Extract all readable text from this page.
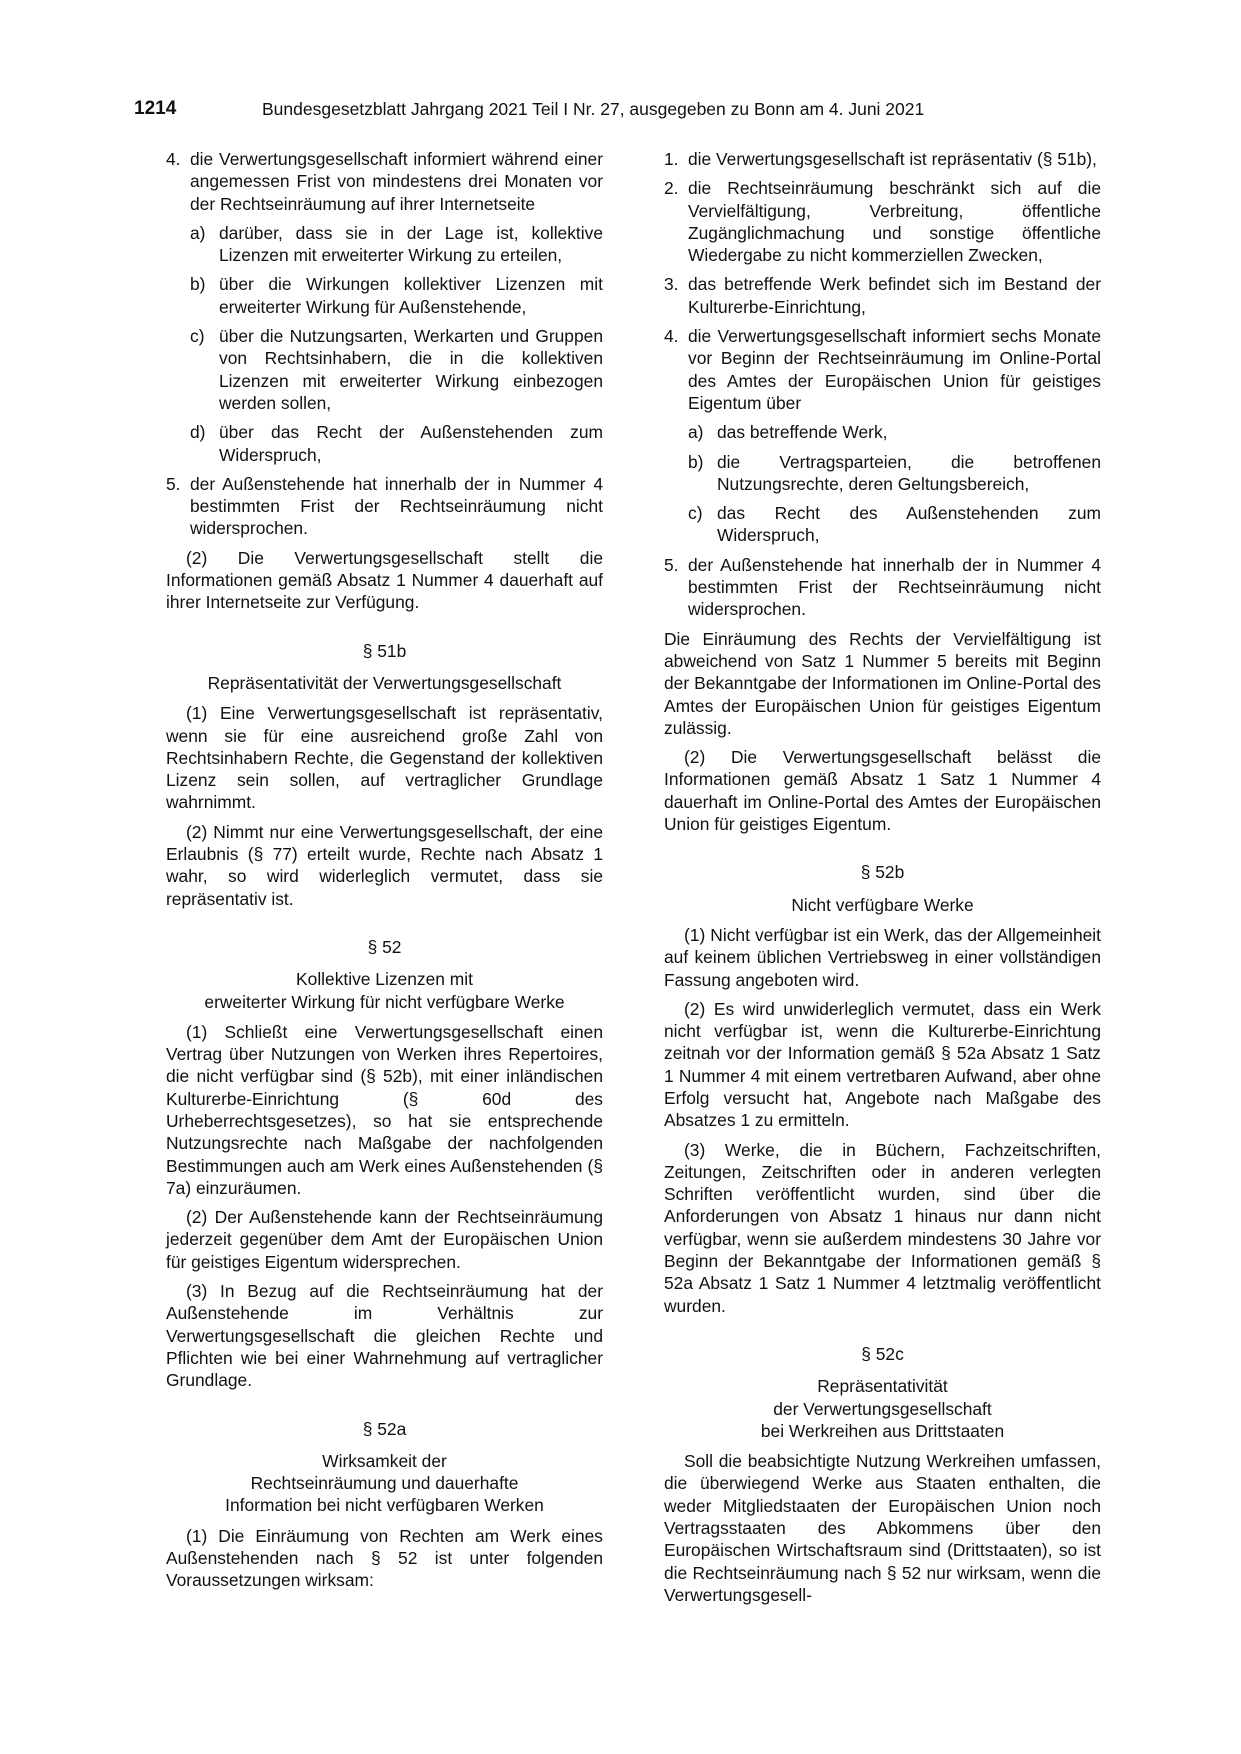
1214	Bundesgesetzblatt Jahrgang 2021 Teil I Nr. 27, ausgegeben zu Bonn am 4. Juni 2021
4. die Verwertungsgesellschaft informiert während einer angemessen Frist von mindestens drei Monaten vor der Rechtseinräumung auf ihrer Internetseite
a) darüber, dass sie in der Lage ist, kollektive Lizenzen mit erweiterter Wirkung zu erteilen,
b) über die Wirkungen kollektiver Lizenzen mit erweiterter Wirkung für Außenstehende,
c) über die Nutzungsarten, Werkarten und Gruppen von Rechtsinhabern, die in die kollektiven Lizenzen mit erweiterter Wirkung einbezogen werden sollen,
d) über das Recht der Außenstehenden zum Widerspruch,
5. der Außenstehende hat innerhalb der in Nummer 4 bestimmten Frist der Rechtseinräumung nicht widersprochen.

(2) Die Verwertungsgesellschaft stellt die Informationen gemäß Absatz 1 Nummer 4 dauerhaft auf ihrer Internetseite zur Verfügung.

§ 51b
Repräsentativität der Verwertungsgesellschaft

(1) Eine Verwertungsgesellschaft ist repräsentativ, wenn sie für eine ausreichend große Zahl von Rechtsinhabern Rechte, die Gegenstand der kollektiven Lizenz sein sollen, auf vertraglicher Grundlage wahrnimmt.

(2) Nimmt nur eine Verwertungsgesellschaft, der eine Erlaubnis (§ 77) erteilt wurde, Rechte nach Absatz 1 wahr, so wird widerleglich vermutet, dass sie repräsentativ ist.

§ 52
Kollektive Lizenzen mit
erweiterter Wirkung für nicht verfügbare Werke

(1) Schließt eine Verwertungsgesellschaft einen Vertrag über Nutzungen von Werken ihres Repertoires, die nicht verfügbar sind (§ 52b), mit einer inländischen Kulturerbe-Einrichtung (§ 60d des Urheberrechtsgesetzes), so hat sie entsprechende Nutzungsrechte nach Maßgabe der nachfolgenden Bestimmungen auch am Werk eines Außenstehenden (§ 7a) einzuräumen.

(2) Der Außenstehende kann der Rechtseinräumung jederzeit gegenüber dem Amt der Europäischen Union für geistiges Eigentum widersprechen.

(3) In Bezug auf die Rechtseinräumung hat der Außenstehende im Verhältnis zur Verwertungsgesellschaft die gleichen Rechte und Pflichten wie bei einer Wahrnehmung auf vertraglicher Grundlage.

§ 52a
Wirksamkeit der
Rechtseinräumung und dauerhafte
Information bei nicht verfügbaren Werken

(1) Die Einräumung von Rechten am Werk eines Außenstehenden nach § 52 ist unter folgenden Voraussetzungen wirksam:

1. die Verwertungsgesellschaft ist repräsentativ (§ 51b),
2. die Rechtseinräumung beschränkt sich auf die Vervielfältigung, Verbreitung, öffentliche Zugänglichmachung und sonstige öffentliche Wiedergabe zu nicht kommerziellen Zwecken,
3. das betreffende Werk befindet sich im Bestand der Kulturerbe-Einrichtung,
4. die Verwertungsgesellschaft informiert sechs Monate vor Beginn der Rechtseinräumung im Online-Portal des Amtes der Europäischen Union für geistiges Eigentum über
a) das betreffende Werk,
b) die Vertragsparteien, die betroffenen Nutzungsrechte, deren Geltungsbereich,
c) das Recht des Außenstehenden zum Widerspruch,
5. der Außenstehende hat innerhalb der in Nummer 4 bestimmten Frist der Rechtseinräumung nicht widersprochen.

Die Einräumung des Rechts der Vervielfältigung ist abweichend von Satz 1 Nummer 5 bereits mit Beginn der Bekanntgabe der Informationen im Online-Portal des Amtes der Europäischen Union für geistiges Eigentum zulässig.

(2) Die Verwertungsgesellschaft belässt die Informationen gemäß Absatz 1 Satz 1 Nummer 4 dauerhaft im Online-Portal des Amtes der Europäischen Union für geistiges Eigentum.

§ 52b
Nicht verfügbare Werke

(1) Nicht verfügbar ist ein Werk, das der Allgemeinheit auf keinem üblichen Vertriebsweg in einer vollständigen Fassung angeboten wird.

(2) Es wird unwiderleglich vermutet, dass ein Werk nicht verfügbar ist, wenn die Kulturerbe-Einrichtung zeitnah vor der Information gemäß § 52a Absatz 1 Satz 1 Nummer 4 mit einem vertretbaren Aufwand, aber ohne Erfolg versucht hat, Angebote nach Maßgabe des Absatzes 1 zu ermitteln.

(3) Werke, die in Büchern, Fachzeitschriften, Zeitungen, Zeitschriften oder in anderen verlegten Schriften veröffentlicht wurden, sind über die Anforderungen von Absatz 1 hinaus nur dann nicht verfügbar, wenn sie außerdem mindestens 30 Jahre vor Beginn der Bekanntgabe der Informationen gemäß § 52a Absatz 1 Satz 1 Nummer 4 letztmalig veröffentlicht wurden.

§ 52c
Repräsentativität
der Verwertungsgesellschaft
bei Werkreihen aus Drittstaaten

Soll die beabsichtigte Nutzung Werkreihen umfassen, die überwiegend Werke aus Staaten enthalten, die weder Mitgliedstaaten der Europäischen Union noch Vertragsstaaten des Abkommens über den Europäischen Wirtschaftsraum sind (Drittstaaten), so ist die Rechtseinräumung nach § 52 nur wirksam, wenn die Verwertungsgesell-
